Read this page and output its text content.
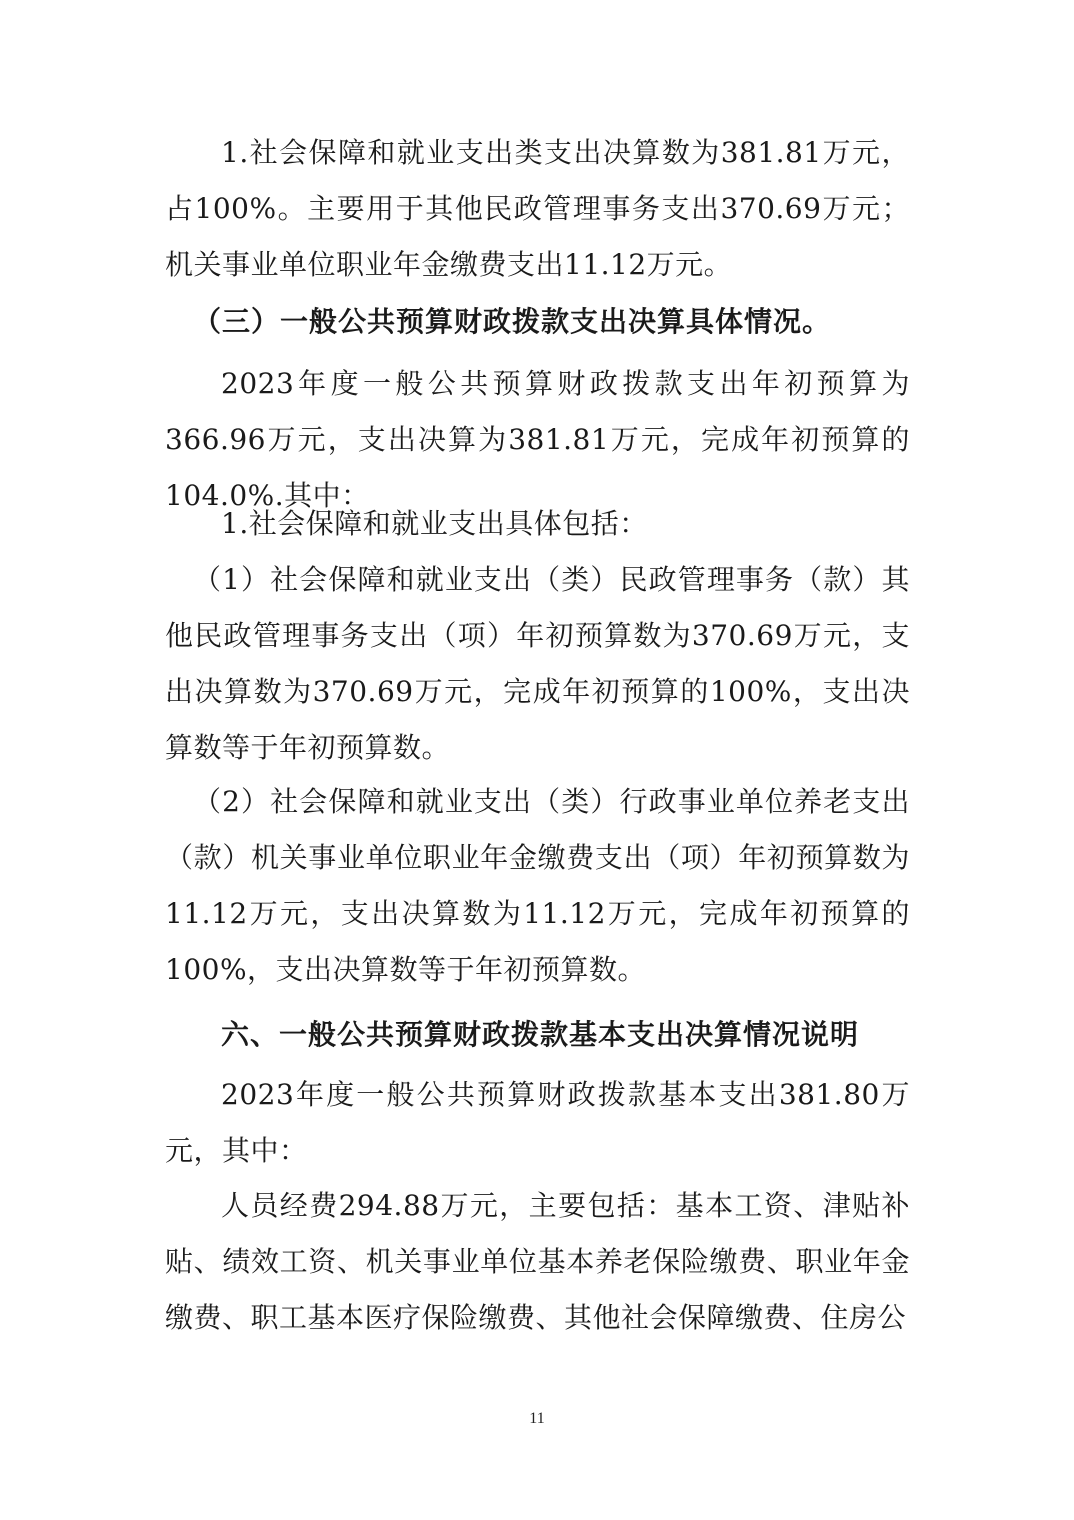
1.社会保障和就业支出类支出决算数为381.81万元，占100%。主要用于其他民政管理事务支出370.69万元；机关事业单位职业年金缴费支出11.12万元。
（三）一般公共预算财政拨款支出决算具体情况。
2023年度一般公共预算财政拨款支出年初预算为366.96万元，支出决算为381.81万元，完成年初预算的104.0%.其中：
1.社会保障和就业支出具体包括：
（1）社会保障和就业支出（类）民政管理事务（款）其他民政管理事务支出（项）年初预算数为370.69万元，支出决算数为370.69万元，完成年初预算的100%，支出决算数等于年初预算数。
（2）社会保障和就业支出（类）行政事业单位养老支出（款）机关事业单位职业年金缴费支出（项）年初预算数为11.12万元，支出决算数为11.12万元，完成年初预算的100%，支出决算数等于年初预算数。
六、一般公共预算财政拨款基本支出决算情况说明
2023年度一般公共预算财政拨款基本支出381.80万元，其中：
人员经费294.88万元，主要包括：基本工资、津贴补贴、绩效工资、机关事业单位基本养老保险缴费、职业年金缴费、职工基本医疗保险缴费、其他社会保障缴费、住房公
11
